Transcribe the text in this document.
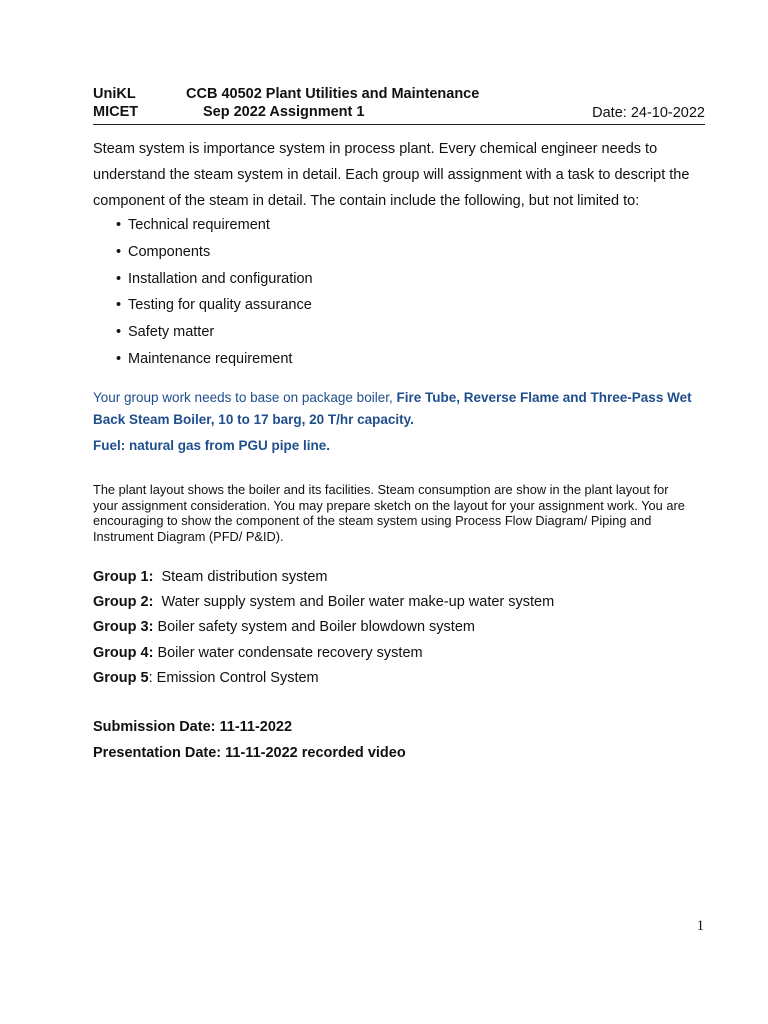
UniKL	CCB 40502 Plant Utilities and Maintenance
MICET	Sep 2022 Assignment 1	Date: 24-10-2022

Steam system is importance system in process plant. Every chemical engineer needs to understand the steam system in detail. Each group will assignment with a task to descript the component of the steam in detail. The contain include the following, but not limited to:

• Technical requirement
• Components
• Installation and configuration
• Testing for quality assurance
• Safety matter
• Maintenance requirement

Your group work needs to base on package boiler, Fire Tube, Reverse Flame and Three-Pass Wet Back Steam Boiler, 10 to 17 barg, 20 T/hr capacity.

Fuel: natural gas from PGU pipe line.

The plant layout shows the boiler and its facilities. Steam consumption are show in the plant layout for your assignment consideration. You may prepare sketch on the layout for your assignment work. You are encouraging to show the component of the steam system using Process Flow Diagram/ Piping and Instrument Diagram (PFD/ P&ID).

Group 1:  Steam distribution system
Group 2:  Water supply system and Boiler water make-up water system
Group 3: Boiler safety system and Boiler blowdown system
Group 4: Boiler water condensate recovery system
Group 5: Emission Control System
Submission Date: 11-11-2022
Presentation Date: 11-11-2022 recorded video
1
